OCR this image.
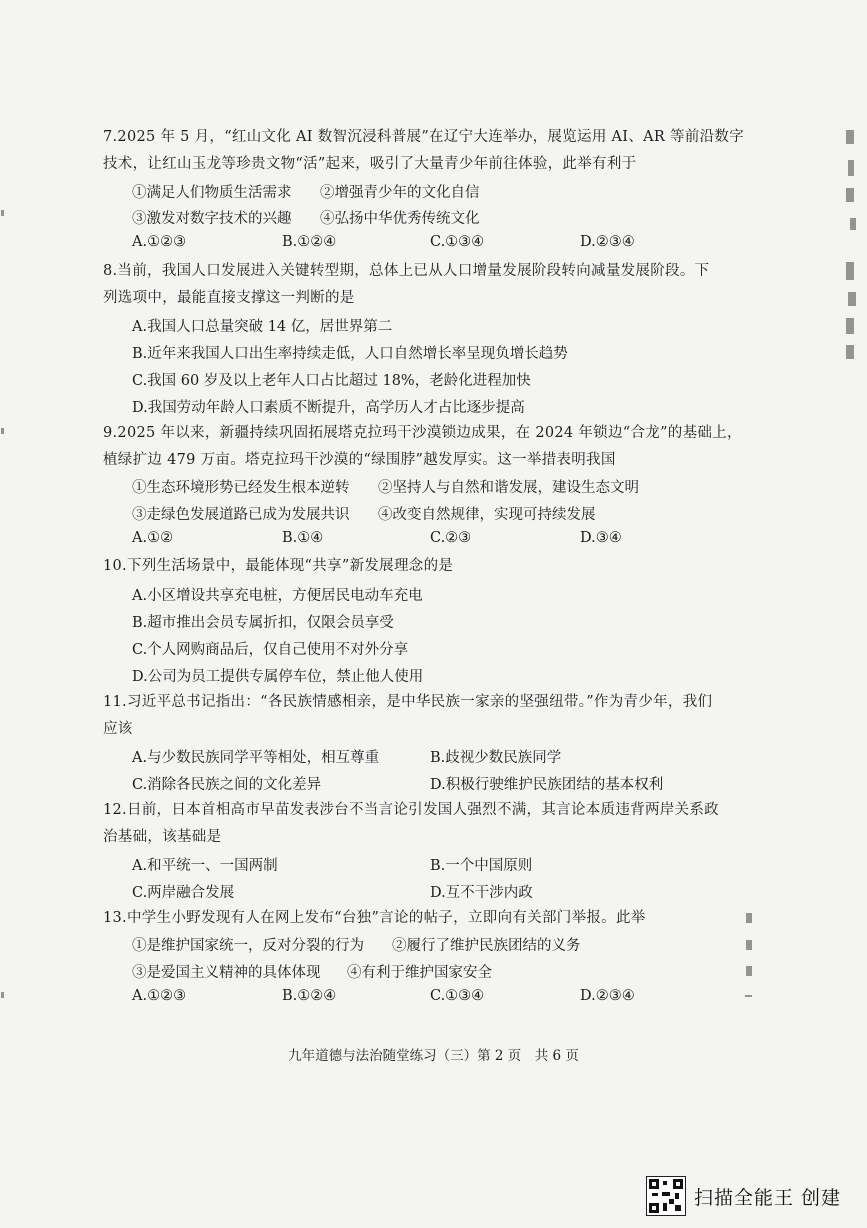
7.2025 年 5 月，“红山文化 AI 数智沉浸科普展”在辽宁大连举办，展览运用 AI、AR 等前沿数字
技术，让红山玉龙等珍贵文物“活”起来，吸引了大量青少年前往体验，此举有利于
①满足人们物质生活需求 ②增强青少年的文化自信
③激发对数字技术的兴趣 ④弘扬中华优秀传统文化
A.①②③	B.①②④	C.①③④	D.②③④
8.当前，我国人口发展进入关键转型期，总体上已从人口增量发展阶段转向减量发展阶段。下
列选项中，最能直接支撑这一判断的是
A.我国人口总量突破 14 亿，居世界第二
B.近年来我国人口出生率持续走低，人口自然增长率呈现负增长趋势
C.我国 60 岁及以上老年人口占比超过 18%，老龄化进程加快
D.我国劳动年龄人口素质不断提升，高学历人才占比逐步提高
9.2025 年以来，新疆持续巩固拓展塔克拉玛干沙漠锁边成果，在 2024 年锁边“合龙”的基础上，
植绿扩边 479 万亩。塔克拉玛干沙漠的“绿围脖”越发厚实。这一举措表明我国
①生态环境形势已经发生根本逆转 ②坚持人与自然和谐发展，建设生态文明
③走绿色发展道路已成为发展共识 ④改变自然规律，实现可持续发展
A.①②	B.①④	C.②③	D.③④
10.下列生活场景中，最能体现“共享”新发展理念的是
A.小区增设共享充电桩，方便居民电动车充电
B.超市推出会员专属折扣，仅限会员享受
C.个人网购商品后，仅自己使用不对外分享
D.公司为员工提供专属停车位，禁止他人使用
11.习近平总书记指出：“各民族情感相亲，是中华民族一家亲的坚强纽带。”作为青少年，我们
应该
A.与少数民族同学平等相处，相互尊重	B.歧视少数民族同学
C.消除各民族之间的文化差异	D.积极行驶维护民族团结的基本权利
12.日前，日本首相高市早苗发表涉台不当言论引发国人强烈不满，其言论本质违背两岸关系政
治基础，该基础是
A.和平统一、一国两制	B.一个中国原则
C.两岸融合发展	D.互不干涉内政
13.中学生小野发现有人在网上发布“台独”言论的帖子，立即向有关部门举报。此举
①是维护国家统一，反对分裂的行为 ②履行了维护民族团结的义务
③是爱国主义精神的具体体现 ④有利于维护国家安全
A.①②③	B.①②④	C.①③④	D.②③④
九年道德与法治随堂练习（三）第 2 页　共 6 页
扫描全能王 创建
